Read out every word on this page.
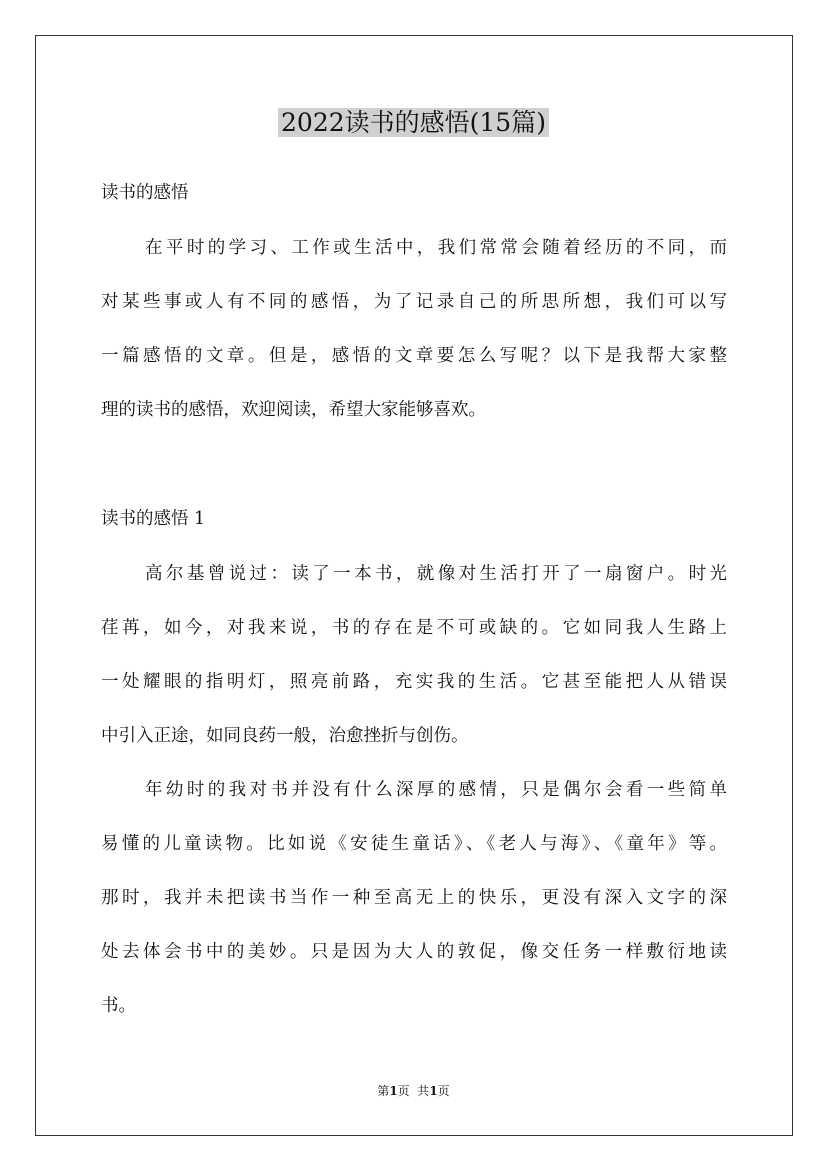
2022读书的感悟(15篇)
读书的感悟
在平时的学习、工作或生活中，我们常常会随着经历的不同，而
对某些事或人有不同的感悟，为了记录自己的所思所想，我们可以写
一篇感悟的文章。但是，感悟的文章要怎么写呢？以下是我帮大家整
理的读书的感悟，欢迎阅读，希望大家能够喜欢。
读书的感悟 1
高尔基曾说过：读了一本书，就像对生活打开了一扇窗户。时光
荏苒，如今，对我来说，书的存在是不可或缺的。它如同我人生路上
一处耀眼的指明灯，照亮前路，充实我的生活。它甚至能把人从错误
中引入正途，如同良药一般，治愈挫折与创伤。
年幼时的我对书并没有什么深厚的感情，只是偶尔会看一些简单
易懂的儿童读物。比如说《安徒生童话》、《老人与海》、《童年》等。
那时，我并未把读书当作一种至高无上的快乐，更没有深入文字的深
处去体会书中的美妙。只是因为大人的敦促，像交任务一样敷衍地读
书。
第1页  共1页
